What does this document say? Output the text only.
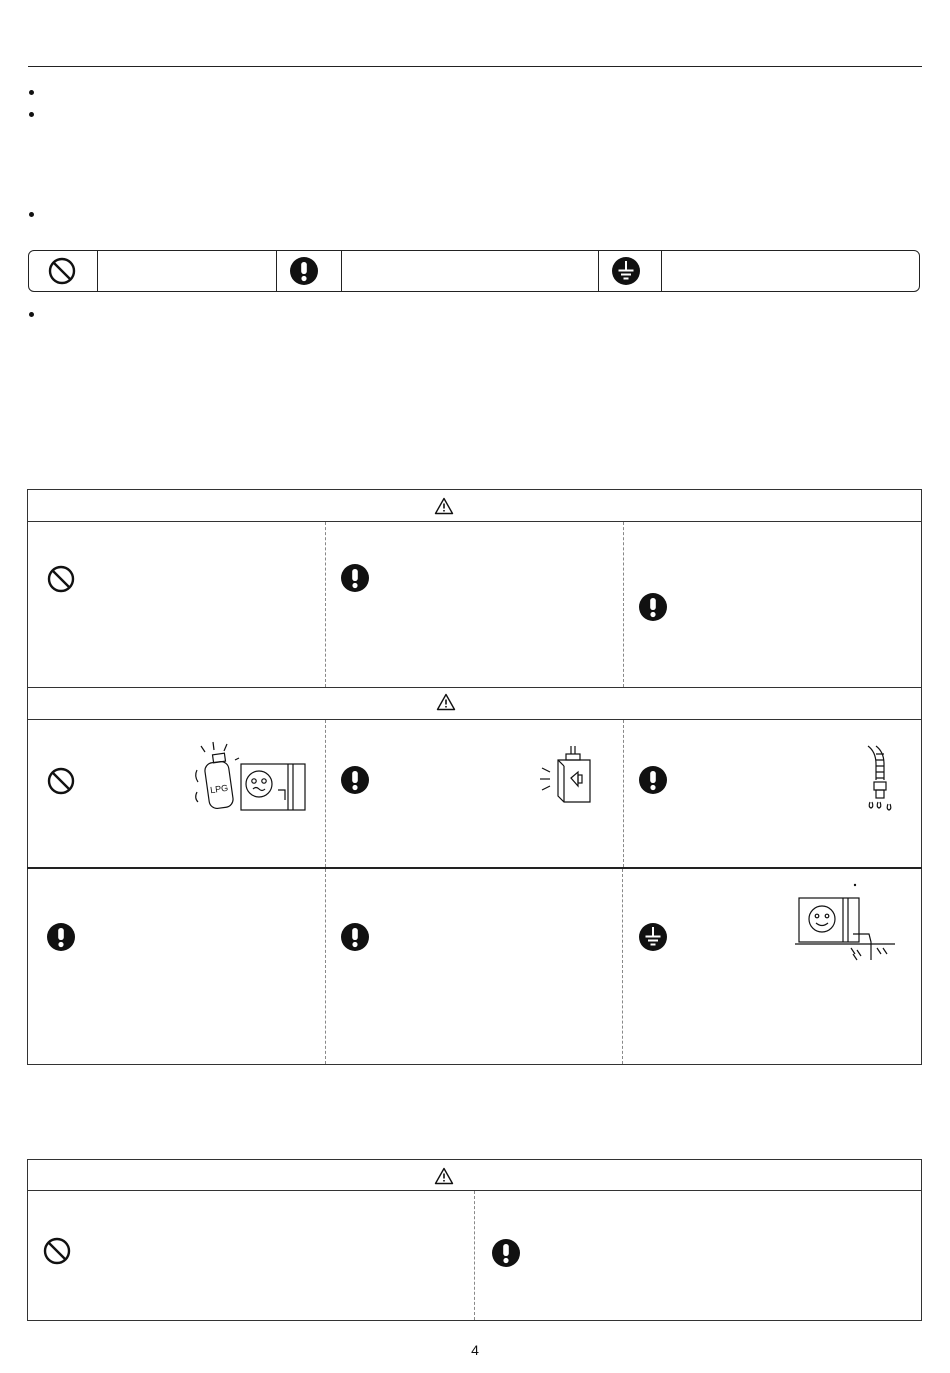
LPG
4
